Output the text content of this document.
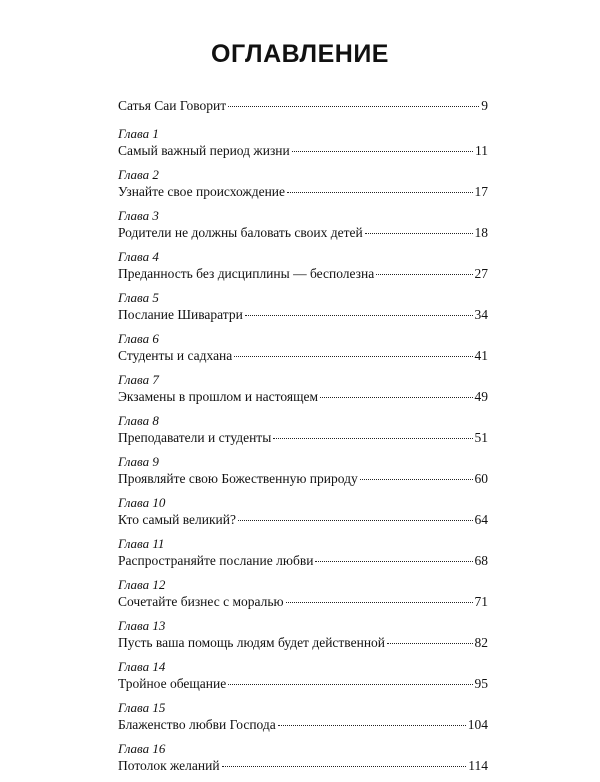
ОГЛАВЛЕНИЕ
Сатья Саи Говорит	9
Глава 1
Самый важный период жизни	11
Глава 2
Узнайте свое происхождение	17
Глава 3
Родители не должны баловать своих детей	18
Глава 4
Преданность без дисциплины — бесполезна	27
Глава 5
Послание Шиваратри	34
Глава 6
Студенты и садхана	41
Глава 7
Экзамены в прошлом и настоящем	49
Глава 8
Преподаватели и студенты	51
Глава 9
Проявляйте свою Божественную природу	60
Глава 10
Кто самый великий?	64
Глава 11
Распространяйте послание любви	68
Глава 12
Сочетайте бизнес с моралью	71
Глава 13
Пусть ваша помощь людям будет действенной	82
Глава 14
Тройное обещание	95
Глава 15
Блаженство любви Господа	104
Глава 16
Потолок желаний	114
